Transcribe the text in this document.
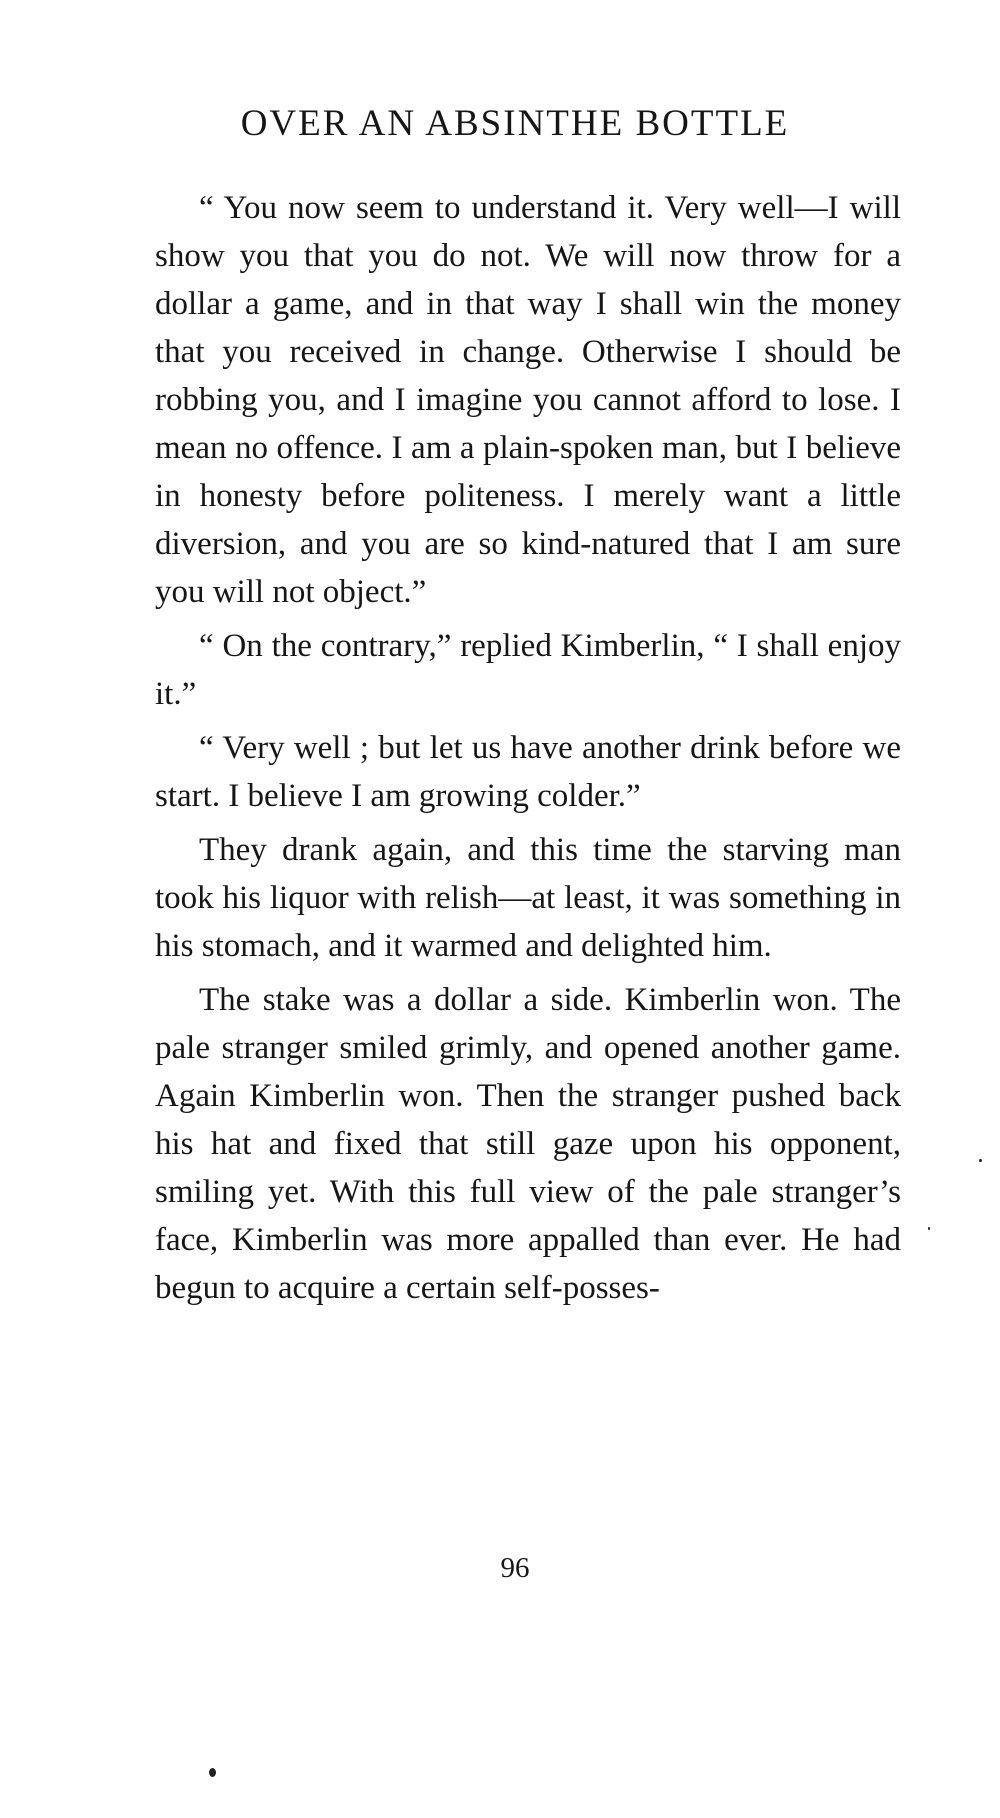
OVER AN ABSINTHE BOTTLE

“ You now seem to understand it. Very well—I will show you that you do not. We will now throw for a dollar a game, and in that way I shall win the money that you received in change. Otherwise I should be robbing you, and I imagine you cannot afford to lose. I mean no offence. I am a plain-spoken man, but I believe in honesty before politeness. I merely want a little diversion, and you are so kind-natured that I am sure you will not object.”

“ On the contrary,” replied Kimberlin, “ I shall enjoy it.”

“ Very well ; but let us have another drink before we start. I believe I am growing colder.”

They drank again, and this time the starving man took his liquor with relish—at least, it was something in his stomach, and it warmed and delighted him.

The stake was a dollar a side. Kimberlin won. The pale stranger smiled grimly, and opened another game. Again Kimberlin won. Then the stranger pushed back his hat and fixed that still gaze upon his opponent, smiling yet. With this full view of the pale stranger’s face, Kimberlin was more appalled than ever. He had begun to acquire a certain self-posses-

96
